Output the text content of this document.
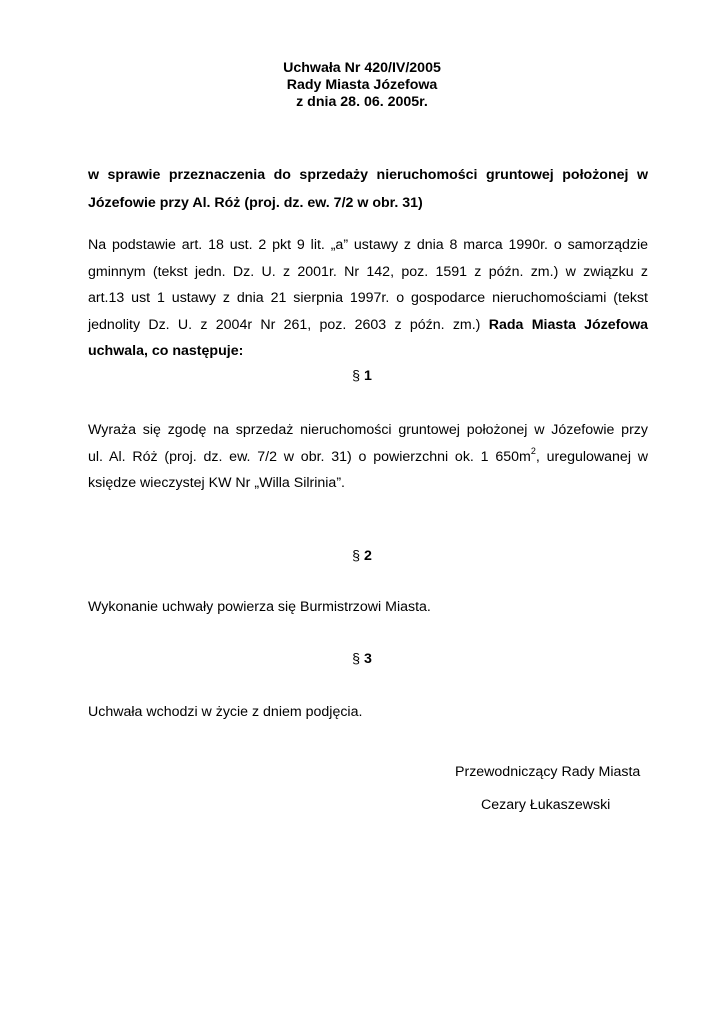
Uchwała Nr 420/IV/2005
Rady Miasta Józefowa
z dnia 28. 06. 2005r.
w sprawie przeznaczenia do sprzedaży nieruchomości gruntowej położonej w
Józefowie przy Al. Róż (proj. dz. ew. 7/2 w obr. 31)
Na podstawie art. 18 ust. 2 pkt 9 lit. „a” ustawy z dnia 8 marca 1990r. o samorządzie
gminnym (tekst jedn. Dz. U. z 2001r. Nr 142, poz. 1591 z późn. zm.) w związku z
art.13 ust 1 ustawy z dnia 21 sierpnia 1997r. o gospodarce nieruchomościami (tekst
jednolity Dz. U. z 2004r Nr 261, poz. 2603 z późn. zm.) Rada Miasta Józefowa
uchwala, co następuje:
§ 1
Wyraża się zgodę na sprzedaż nieruchomości gruntowej położonej w Józefowie przy
ul. Al. Róż (proj. dz. ew. 7/2 w obr. 31) o powierzchni ok. 1 $650m^2$, uregulowanej w
księdze wieczystej KW Nr „Willa Silrinia”.
§ 2
Wykonanie uchwały powierza się Burmistrzowi Miasta.
§ 3
Uchwała wchodzi w życie z dniem podjęcia.
Przewodniczący Rady Miasta
Cezary Łukaszewski
